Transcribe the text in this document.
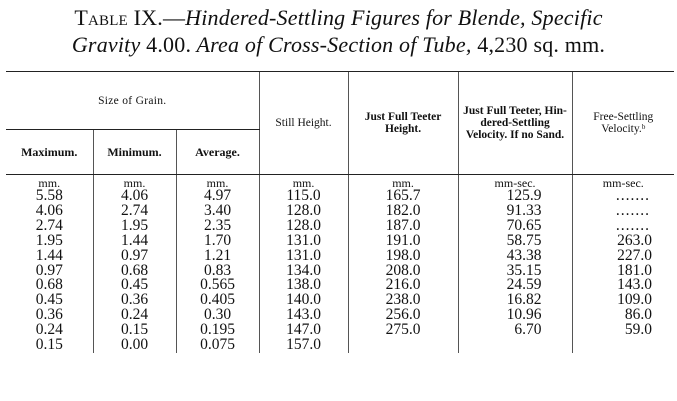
Table IX.—Hindered-Settling Figures for Blende, Specific
Gravity 4.00. Area of Cross-Section of Tube, 4,230 sq. mm.
Size of Grain.			Still Height.	Just Full Teeter Height.	Just Full Teeter, Hin-dered-Settling Velocity. If no Sand.	Free-Settling Velocity.ᵇ
Maximum.	Minimum.	Average.				
mm.	mm.	mm.	mm.	mm.	mm-sec.	mm-sec.
5.58	4.06	4.97	115.0	165.7	125.9	.......
4.06	2.74	3.40	128.0	182.0	91.33	.......
2.74	1.95	2.35	128.0	187.0	70.65	.......
1.95	1.44	1.70	131.0	191.0	58.75	263.0
1.44	0.97	1.21	131.0	198.0	43.38	227.0
0.97	0.68	0.83	134.0	208.0	35.15	181.0
0.68	0.45	0.565	138.0	216.0	24.59	143.0
0.45	0.36	0.405	140.0	238.0	16.82	109.0
0.36	0.24	0.30	143.0	256.0	10.96	86.0
0.24	0.15	0.195	147.0	275.0	6.70	59.0
0.15	0.00	0.075	157.0			
